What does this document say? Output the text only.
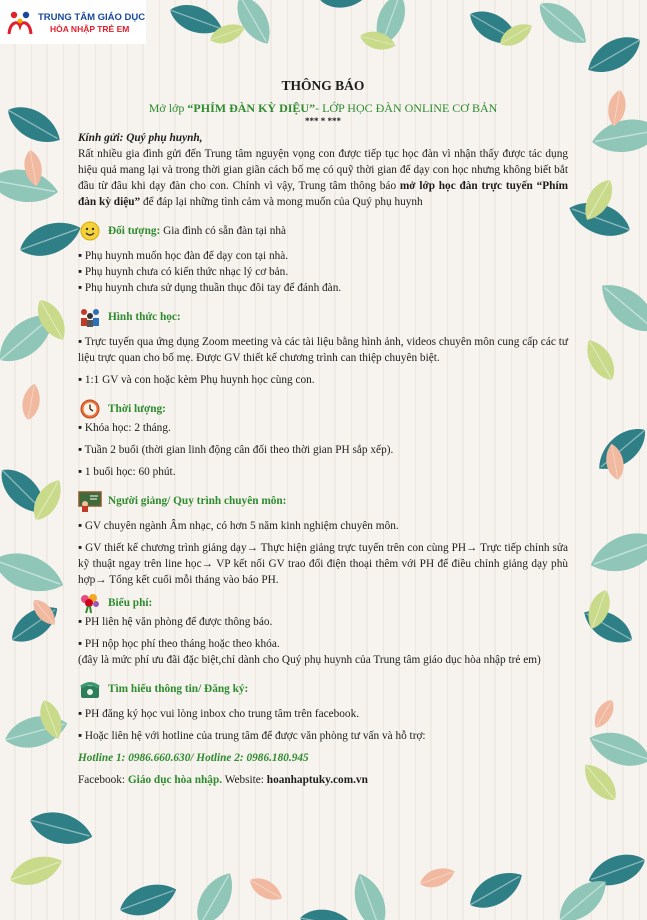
TRUNG TÂM GIÁO DỤC
HÒA NHẬP TRẺ EM
THÔNG BÁO
Mở lớp “PHÍM ĐÀN KỲ DIỆU”- LỚP HỌC ĐÀN ONLINE CƠ BẢN
*** * ***
Kính gửi: Quý phụ huynh,

Rất nhiều gia đình gửi đến Trung tâm nguyện vọng con được tiếp tục học đàn vì nhận thấy được tác dụng hiệu quả mang lại và trong thời gian giãn cách bố mẹ có quỹ thời gian để dạy con học nhưng không biết bắt đầu từ đâu khi dạy đàn cho con. Chính vì vậy, Trung tâm thông báo mở lớp học đàn trực tuyến “Phím đàn kỳ diệu” để đáp lại những tình cảm và mong muốn của Quý phụ huynh

Đối tượng: Gia đình có sẵn đàn tại nhà

▪ Phụ huynh muốn học đàn để dạy con tại nhà.

▪ Phụ huynh chưa có kiến thức nhạc lý cơ bản.

▪ Phụ huynh chưa sử dụng thuần thục đôi tay để đánh đàn.

Hình thức học:

▪ Trực tuyến qua ứng dụng Zoom meeting và các tài liệu bằng hình ảnh, videos chuyên môn cung cấp các tư liệu trực quan cho bố mẹ. Được GV thiết kế chương trình can thiệp chuyên biệt.

▪ 1:1 GV và con hoặc kèm Phụ huynh học cùng con.

Thời lượng:

▪ Khóa học: 2 tháng.

▪ Tuần 2 buổi (thời gian linh động cân đối theo thời gian PH sắp xếp).

▪ 1 buổi học: 60 phút.

Người giảng/ Quy trình chuyên môn:

▪ GV chuyên ngành Âm nhạc, có hơn 5 năm kinh nghiệm chuyên môn.

▪ GV thiết kế chương trình giảng dạy→ Thực hiện giảng trực tuyến trên con cùng PH→ Trực tiếp chỉnh sửa kỹ thuật ngay trên line học→ VP kết nối GV trao đổi điện thoại thêm với PH để điều chỉnh giảng dạy phù hợp→ Tổng kết cuối mỗi tháng vào báo PH.

Biểu phí:

▪ PH liên hệ văn phòng để được thông báo.

▪ PH nộp học phí theo tháng hoặc theo khóa.

(đây là mức phí ưu đãi đặc biệt,chỉ dành cho Quý phụ huynh của Trung tâm giáo dục hòa nhập trẻ em)

Tìm hiểu thông tin/ Đăng ký:

▪ PH đăng ký học vui lòng inbox cho trung tâm trên facebook.

▪ Hoặc liên hệ với hotline của trung tâm để được văn phòng tư vấn và hỗ trợ:

Hotline 1: 0986.660.630/ Hotline 2: 0986.180.945

Facebook: Giáo dục hòa nhập. Website: hoanhaptuky.com.vn
